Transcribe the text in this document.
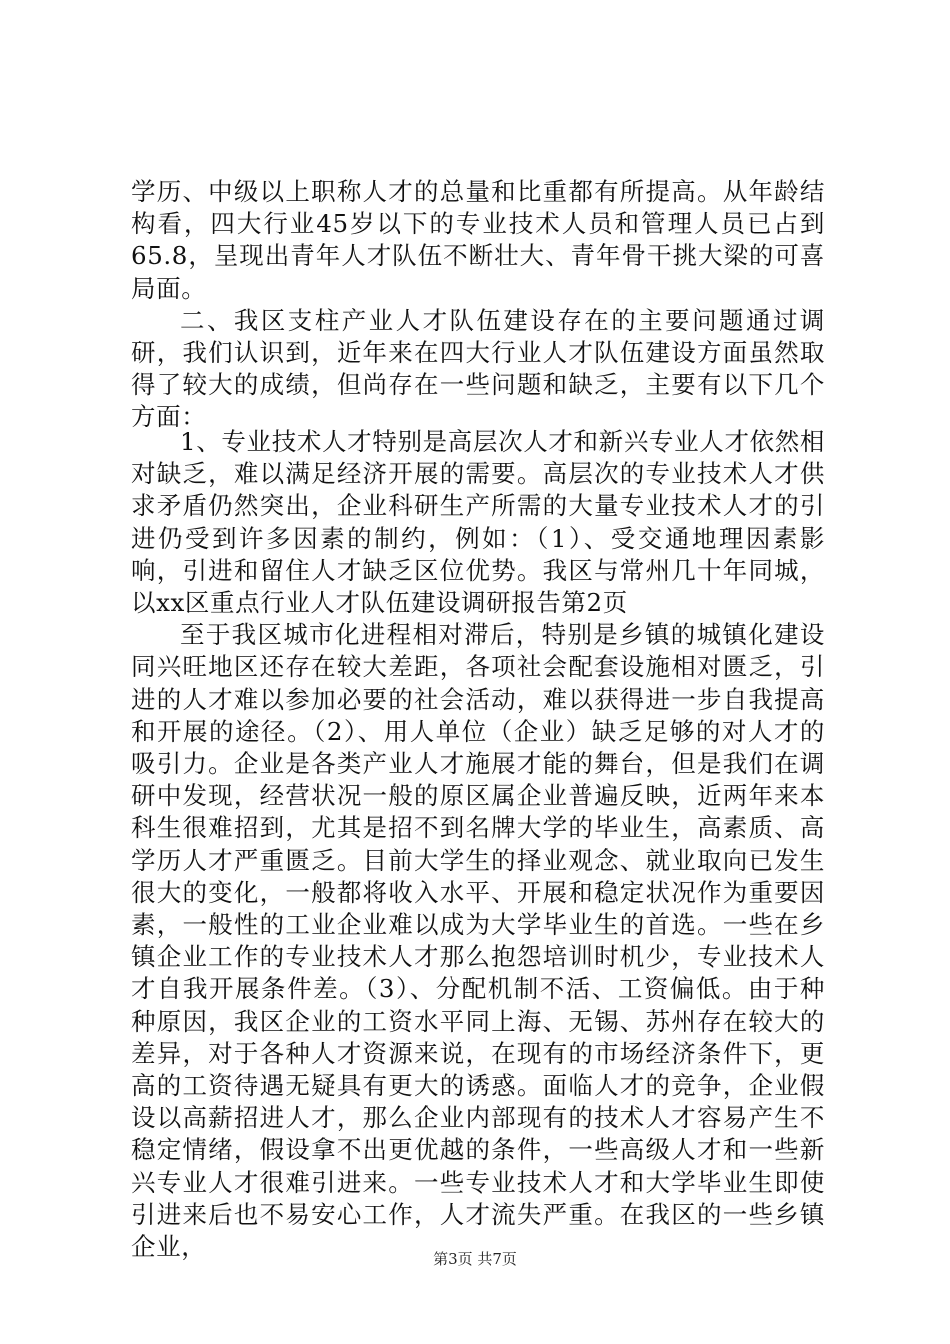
学历、中级以上职称人才的总量和比重都有所提高。从年龄结构看，四大行业45岁以下的专业技术人员和管理人员已占到65.8，呈现出青年人才队伍不断壮大、青年骨干挑大梁的可喜局面。

二、我区支柱产业人才队伍建设存在的主要问题通过调研，我们认识到，近年来在四大行业人才队伍建设方面虽然取得了较大的成绩，但尚存在一些问题和缺乏，主要有以下几个方面：

1、专业技术人才特别是高层次人才和新兴专业人才依然相对缺乏，难以满足经济开展的需要。高层次的专业技术人才供求矛盾仍然突出，企业科研生产所需的大量专业技术人才的引进仍受到许多因素的制约，例如：（1）、受交通地理因素影响，引进和留住人才缺乏区位优势。我区与常州几十年同城，以xx区重点行业人才队伍建设调研报告第2页

至于我区城市化进程相对滞后，特别是乡镇的城镇化建设同兴旺地区还存在较大差距，各项社会配套设施相对匮乏，引进的人才难以参加必要的社会活动，难以获得进一步自我提高和开展的途径。（2）、用人单位（企业）缺乏足够的对人才的吸引力。企业是各类产业人才施展才能的舞台，但是我们在调研中发现，经营状况一般的原区属企业普遍反映，近两年来本科生很难招到，尤其是招不到名牌大学的毕业生，高素质、高学历人才严重匮乏。目前大学生的择业观念、就业取向已发生很大的变化，一般都将收入水平、开展和稳定状况作为重要因素，一般性的工业企业难以成为大学毕业生的首选。一些在乡镇企业工作的专业技术人才那么抱怨培训时机少，专业技术人才自我开展条件差。（3）、分配机制不活、工资偏低。由于种种原因，我区企业的工资水平同上海、无锡、苏州存在较大的差异，对于各种人才资源来说，在现有的市场经济条件下，更高的工资待遇无疑具有更大的诱惑。面临人才的竞争，企业假设以高薪招进人才，那么企业内部现有的技术人才容易产生不稳定情绪，假设拿不出更优越的条件，一些高级人才和一些新兴专业人才很难引进来。一些专业技术人才和大学毕业生即使引进来后也不易安心工作，人才流失严重。在我区的一些乡镇企业，	第3页 共7页
